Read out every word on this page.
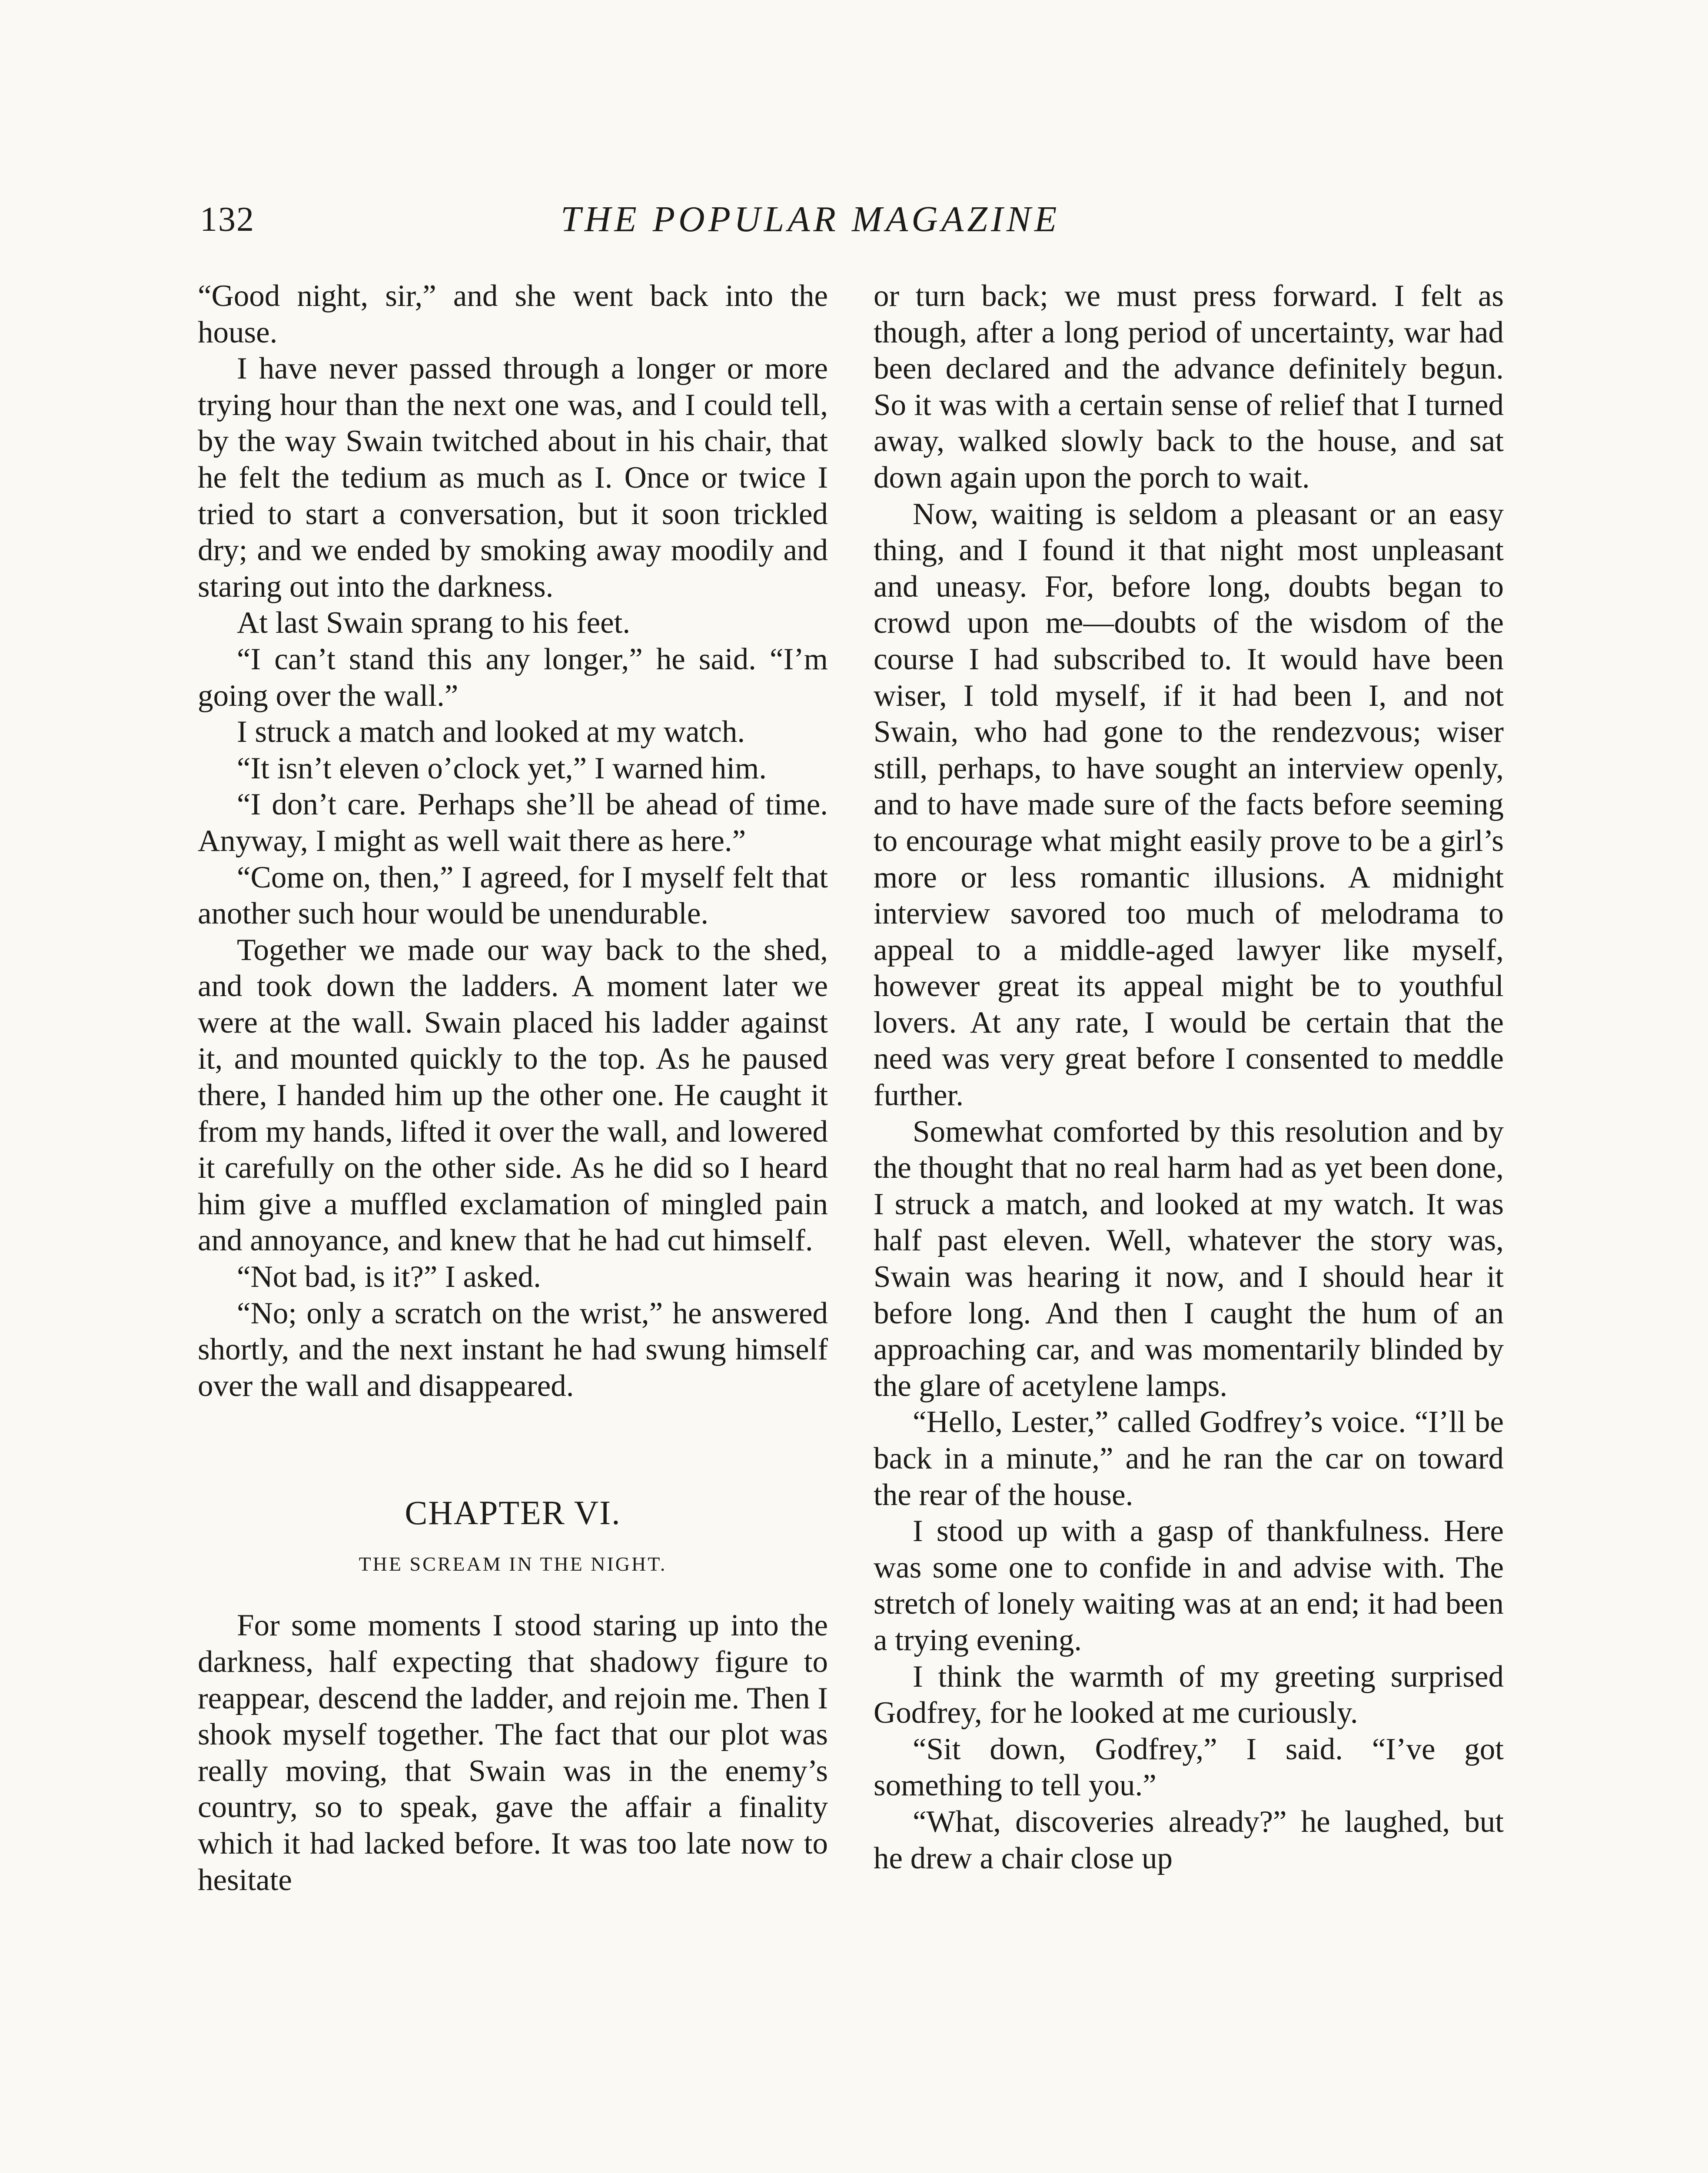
132	THE POPULAR MAGAZINE

“Good night, sir,” and she went back into the house.

I have never passed through a longer or more trying hour than the next one was, and I could tell, by the way Swain twitched about in his chair, that he felt the tedium as much as I. Once or twice I tried to start a conversation, but it soon trickled dry; and we ended by smoking away moodily and staring out into the darkness.

At last Swain sprang to his feet.

“I can’t stand this any longer,” he said. “I’m going over the wall.”

I struck a match and looked at my watch.

“It isn’t eleven o’clock yet,” I warned him.

“I don’t care. Perhaps she’ll be ahead of time. Anyway, I might as well wait there as here.”

“Come on, then,” I agreed, for I myself felt that another such hour would be unendurable.

Together we made our way back to the shed, and took down the ladders. A moment later we were at the wall. Swain placed his ladder against it, and mounted quickly to the top. As he paused there, I handed him up the other one. He caught it from my hands, lifted it over the wall, and lowered it carefully on the other side. As he did so I heard him give a muffled exclamation of mingled pain and annoyance, and knew that he had cut himself.

“Not bad, is it?” I asked.

“No; only a scratch on the wrist,” he answered shortly, and the next instant he had swung himself over the wall and disappeared.

CHAPTER VI.
THE SCREAM IN THE NIGHT.

For some moments I stood staring up into the darkness, half expecting that shadowy figure to reappear, descend the ladder, and rejoin me. Then I shook myself together. The fact that our plot was really moving, that Swain was in the enemy’s country, so to speak, gave the affair a finality which it had lacked before. It was too late now to hesitate

or turn back; we must press forward. I felt as though, after a long period of uncertainty, war had been declared and the advance definitely begun. So it was with a certain sense of relief that I turned away, walked slowly back to the house, and sat down again upon the porch to wait.

Now, waiting is seldom a pleasant or an easy thing, and I found it that night most unpleasant and uneasy. For, before long, doubts began to crowd upon me—doubts of the wisdom of the course I had subscribed to. It would have been wiser, I told myself, if it had been I, and not Swain, who had gone to the rendezvous; wiser still, perhaps, to have sought an interview openly, and to have made sure of the facts before seeming to encourage what might easily prove to be a girl’s more or less romantic illusions. A midnight interview savored too much of melodrama to appeal to a middle-aged lawyer like myself, however great its appeal might be to youthful lovers. At any rate, I would be certain that the need was very great before I consented to meddle further.

Somewhat comforted by this resolution and by the thought that no real harm had as yet been done, I struck a match, and looked at my watch. It was half past eleven. Well, whatever the story was, Swain was hearing it now, and I should hear it before long. And then I caught the hum of an approaching car, and was momentarily blinded by the glare of acetylene lamps.

“Hello, Lester,” called Godfrey’s voice. “I’ll be back in a minute,” and he ran the car on toward the rear of the house.

I stood up with a gasp of thankfulness. Here was some one to confide in and advise with. The stretch of lonely waiting was at an end; it had been a trying evening.

I think the warmth of my greeting surprised Godfrey, for he looked at me curiously.

“Sit down, Godfrey,” I said. “I’ve got something to tell you.”

“What, discoveries already?” he laughed, but he drew a chair close up
